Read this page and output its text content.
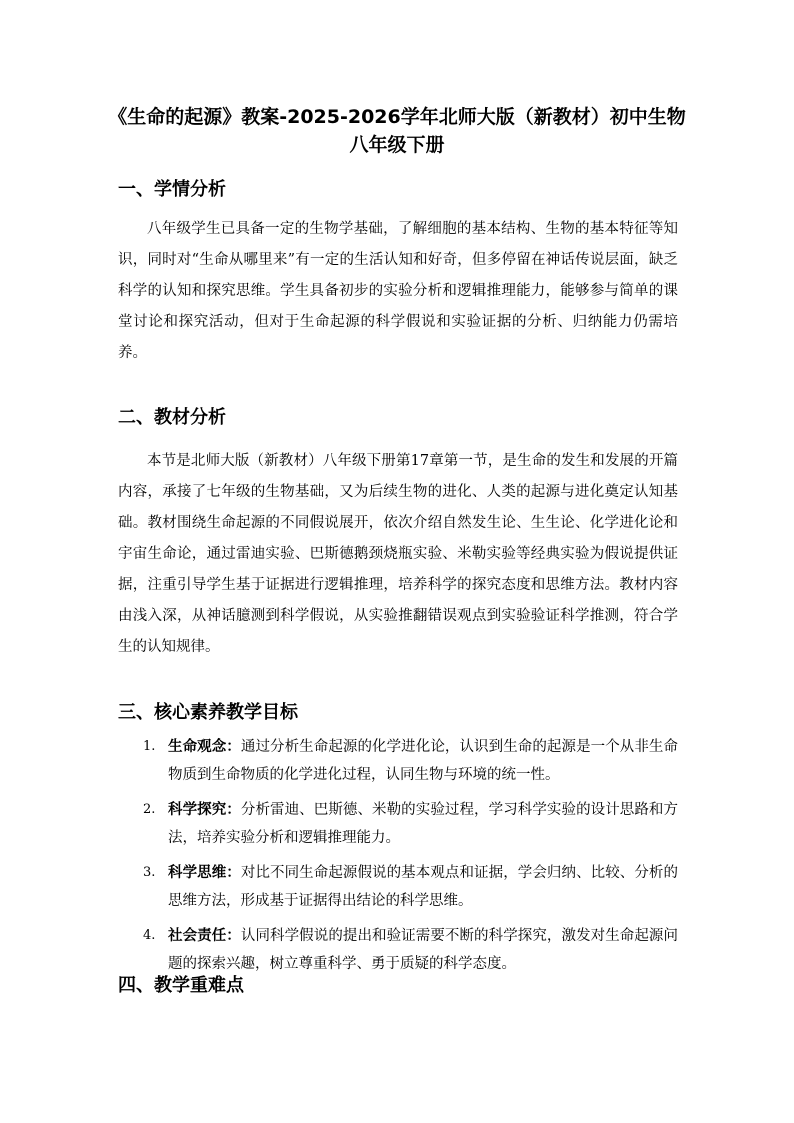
《生命的起源》教案-2025-2026学年北师大版（新教材）初中生物八年级下册
一、学情分析
八年级学生已具备一定的生物学基础，了解细胞的基本结构、生物的基本特征等知识，同时对“生命从哪里来”有一定的生活认知和好奇，但多停留在神话传说层面，缺乏科学的认知和探究思维。学生具备初步的实验分析和逻辑推理能力，能够参与简单的课堂讨论和探究活动，但对于生命起源的科学假说和实验证据的分析、归纳能力仍需培养。
二、教材分析
本节是北师大版（新教材）八年级下册第17章第一节，是生命的发生和发展的开篇内容，承接了七年级的生物基础，又为后续生物的进化、人类的起源与进化奠定认知基础。教材围绕生命起源的不同假说展开，依次介绍自然发生论、生生论、化学进化论和宇宙生命论，通过雷迪实验、巴斯德鹅颈烧瓶实验、米勒实验等经典实验为假说提供证据，注重引导学生基于证据进行逻辑推理，培养科学的探究态度和思维方法。教材内容由浅入深，从神话臆测到科学假说，从实验推翻错误观点到实验验证科学推测，符合学生的认知规律。
三、核心素养教学目标
1. 生命观念：通过分析生命起源的化学进化论，认识到生命的起源是一个从非生命物质到生命物质的化学进化过程，认同生物与环境的统一性。
2. 科学探究：分析雷迪、巴斯德、米勒的实验过程，学习科学实验的设计思路和方法，培养实验分析和逻辑推理能力。
3. 科学思维：对比不同生命起源假说的基本观点和证据，学会归纳、比较、分析的思维方法，形成基于证据得出结论的科学思维。
4. 社会责任：认同科学假说的提出和验证需要不断的科学探究，激发对生命起源问题的探索兴趣，树立尊重科学、勇于质疑的科学态度。
四、教学重难点
